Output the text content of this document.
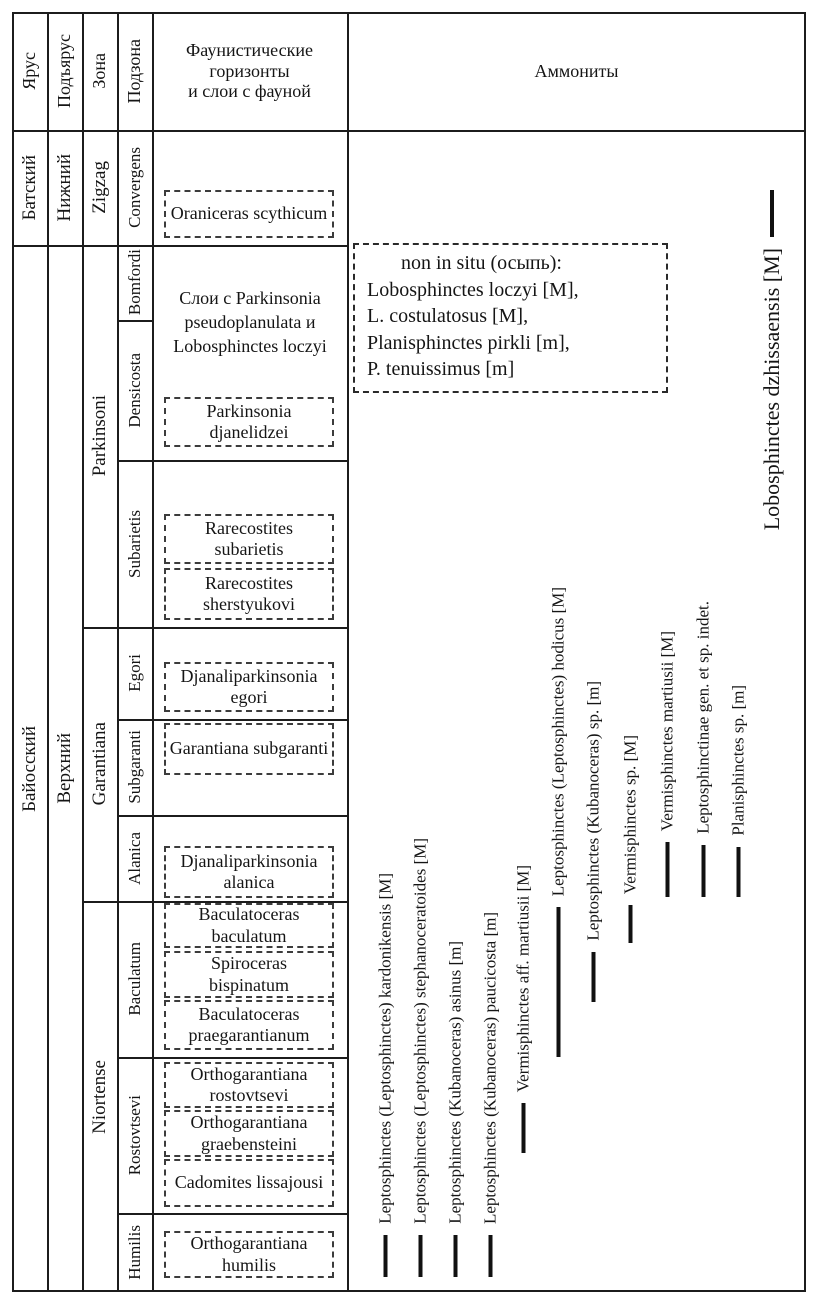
Ярус Подъярус Зона Подзона Фаунистические
горизонты
и слои с фауной
Аммониты
Батский Нижний
Байосский Верхний
Zigzag
Parkinsoni
Garantiana
Niortense
Convergens
Bomfordi
Densicosta
Subarietis
Egori
Subgaranti
Alanica
Baculatum
Rostovtsevi
Humilis
Oraniceras scythicum
Слои с Parkinsonia pseudoplanulata и Lobosphinctes loczyi
Parkinsonia djanelidzei
Rarecostites subarietis
Rarecostites sherstyukovi
Djanaliparkinsonia egori
Garantiana subgaranti
Djanaliparkinsonia alanica
Baculatoceras baculatum
Spiroceras bispinatum
Baculatoceras praegarantianum
Orthogarantiana rostovtsevi
Orthogarantiana graebensteini
Cadomites lissajousi
Orthogarantiana humilis
non in situ (осыпь):
Lobosphinctes loczyi [M],
L. costulatosus [M],
Planisphinctes pirkli [m],
P. tenuissimus [m]
Leptosphinctes (Leptosphinctes) kardonikensis [M] Leptosphinctes (Leptosphinctes) stephanoceratoides [M] Leptosphinctes (Kubanoceras) asinus [m] Leptosphinctes (Kubanoceras) paucicosta [m] Vermisphinctes aff. martiusii [M]
Leptosphinctes (Leptosphinctes) hodicus [M] Leptosphinctes (Kubanoceras) sp. [m] Vermisphinctes sp. [M] Vermisphinctes martiusii [M] Leptosphinctinae gen. et sp. indet. Planisphinctes sp. [m]
Lobosphinctes dzhissaensis [M]
